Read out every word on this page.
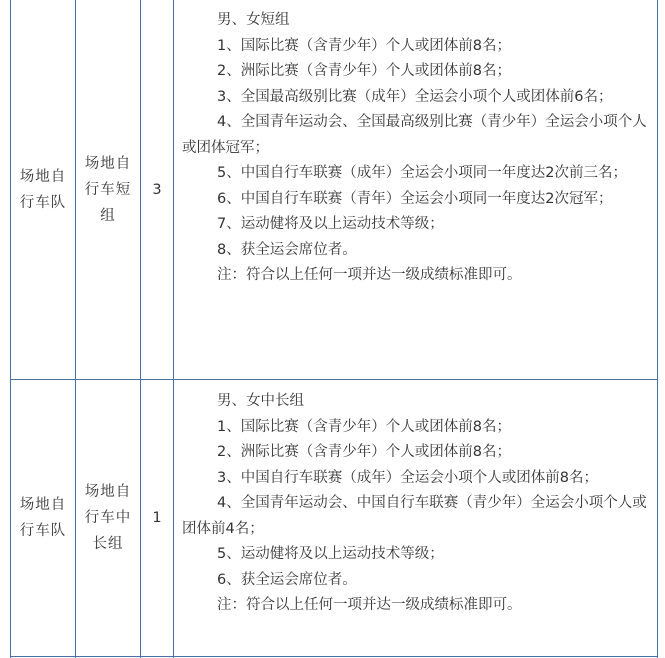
场地自行车队
场地自行车短组
3

男、女短组

1、国际比赛（含青少年）个人或团体前8名；

2、洲际比赛（含青少年）个人或团体前8名；

3、全国最高级别比赛（成年）全运会小项个人或团体前6名；

4、全国青年运动会、全国最高级别比赛（青少年）全运会小项个人或团体冠军；

5、中国自行车联赛（成年）全运会小项同一年度达2次前三名；

6、中国自行车联赛（青年）全运会小项同一年度达2次冠军；

7、运动健将及以上运动技术等级；

8、获全运会席位者。

注：符合以上任何一项并达一级成绩标准即可。

场地自行车队
场地自行车中长组
1

男、女中长组

1、国际比赛（含青少年）个人或团体前8名；

2、洲际比赛（含青少年）个人或团体前8名；

3、中国自行车联赛（成年）全运会小项个人或团体前8名；

4、全国青年运动会、中国自行车联赛（青少年）全运会小项个人或团体前4名；

5、运动健将及以上运动技术等级；

6、获全运会席位者。

注：符合以上任何一项并达一级成绩标准即可。
